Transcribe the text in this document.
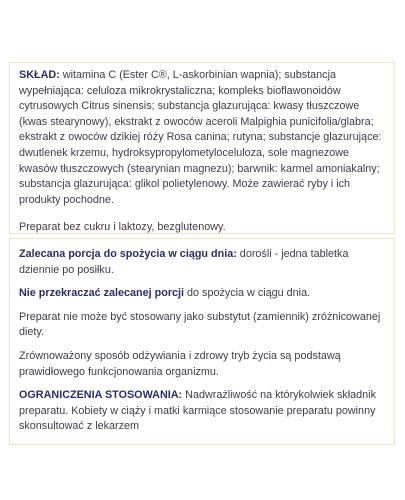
SKŁAD: witamina C (Ester C®, L-askorbinian wapnia); substancja wypełniająca: celuloza mikrokrystaliczna; kompleks bioflawonoidów cytrusowych Citrus sinensis; substancja glazurująca: kwasy tłuszczowe (kwas stearynowy), ekstrakt z owoców aceroli Malpighia punicifolia/glabra; ekstrakt z owoców dzikiej róży Rosa canina; rutyna; substancje glazurujące: dwutlenek krzemu, hydroksypropylometyloceluloza, sole magnezowe kwasów tłuszczowych (stearynian magnezu); barwnik: karmel amoniakalny; substancja glazurująca: glikol polietylenowy. Może zawierać ryby i ich produkty pochodne.

Preparat bez cukru i laktozy, bezglutenowy.

Zalecana porcja do spożycia w ciągu dnia: dorośli - jedna tabletka dziennie po posiłku.

Nie przekraczać zalecanej porcji do spożycia w ciągu dnia.

Preparat nie może być stosowany jako substytut (zamiennik) zróżnicowanej diety.

Zrównoważony sposób odżywiania i zdrowy tryb życia są podstawą prawidłowego funkcjonowania organizmu.

OGRANICZENIA STOSOWANIA: Nadwrażliwość na którykolwiek składnik preparatu. Kobiety w ciąży i matki karmiące stosowanie preparatu powinny skonsultować z lekarzem
